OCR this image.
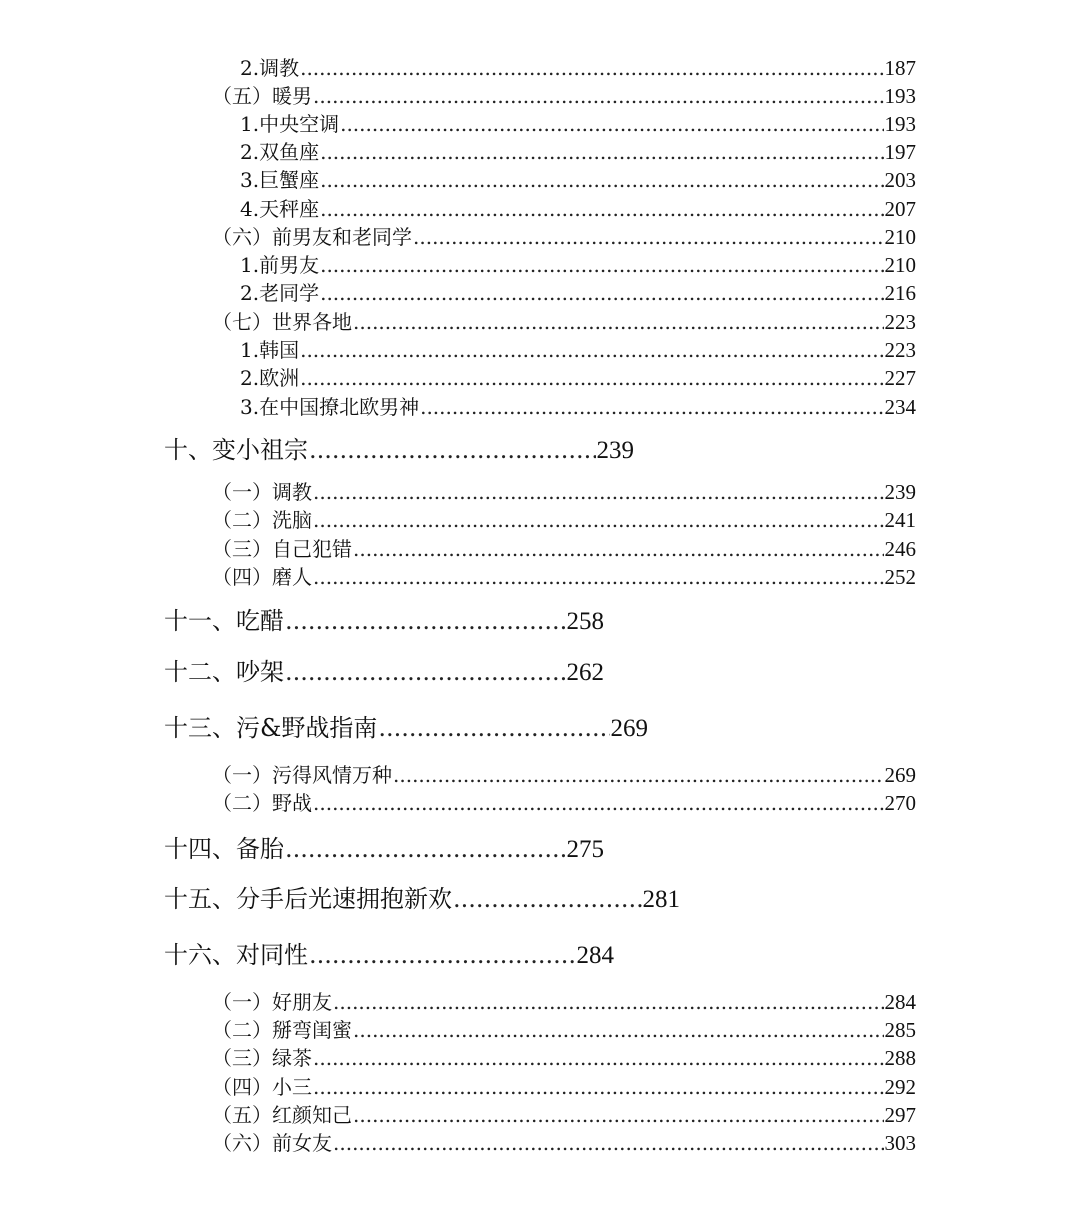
2.调教 .....	187
（五）暖男 .....	193
1.中央空调 .....	193
2.双鱼座 .....	197
3.巨蟹座 .....	203
4.天秤座 .....	207
（六）前男友和老同学 .....	210
1.前男友 .....	210
2.老同学 .....	216
（七）世界各地 .....	223
1.韩国 .....	223
2.欧洲 .....	227
3.在中国撩北欧男神 .....	234
十、变小祖宗 .....	239
（一）调教 .....	239
（二）洗脑 .....	241
（三）自己犯错 .....	246
（四）磨人 .....	252
十一、吃醋 .....	258
十二、吵架 .....	262
十三、污&野战指南 .....	269
（一）污得风情万种 .....	269
（二）野战 .....	270
十四、备胎 .....	275
十五、分手后光速拥抱新欢 .....	281
十六、对同性 .....	284
（一）好朋友 .....	284
（二）掰弯闺蜜 .....	285
（三）绿茶 .....	288
（四）小三 .....	292
（五）红颜知己 .....	297
（六）前女友 .....	303
